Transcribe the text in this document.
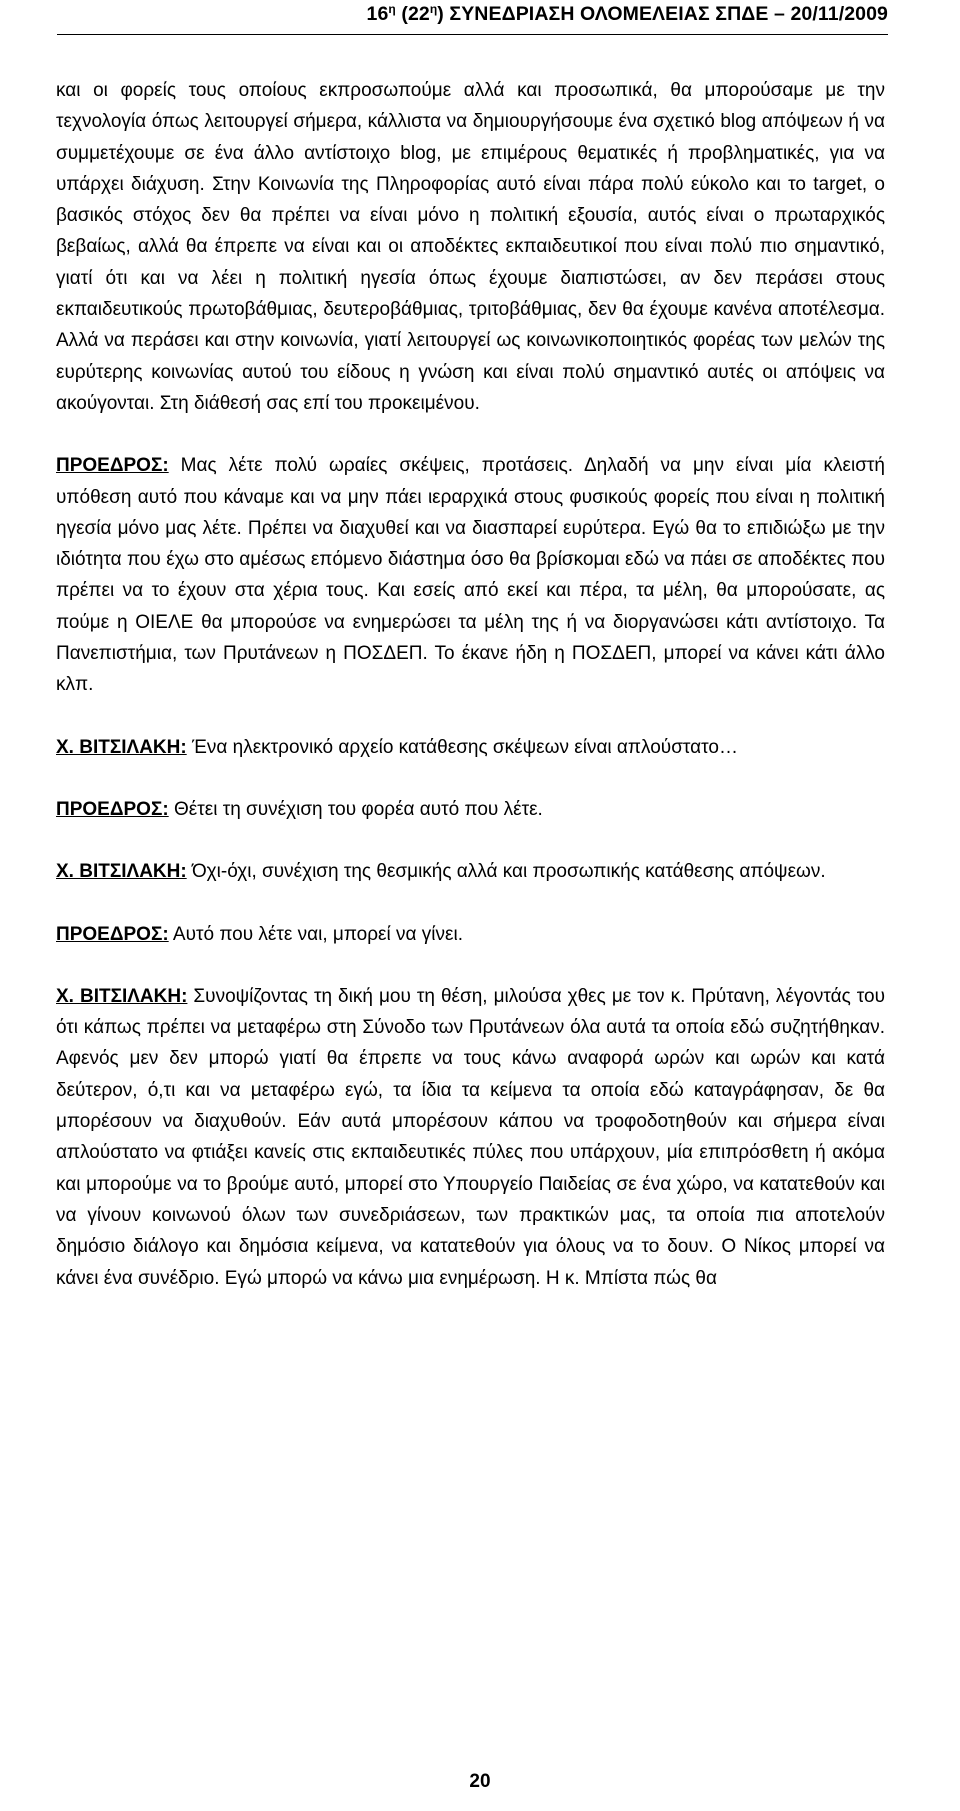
$16^\eta$ $(22^\eta)$ ΣΥΝΕΔΡΙΑΣΗ ΟΛΟΜΕΛΕΙΑΣ ΣΠΔΕ – 20/11/2009

και οι φορείς τους οποίους εκπροσωπούμε αλλά και προσωπικά, θα μπορούσαμε με την τεχνολογία όπως λειτουργεί σήμερα, κάλλιστα να δημιουργήσουμε ένα σχετικό blog απόψεων ή να συμμετέχουμε σε ένα άλλο αντίστοιχο blog, με επιμέρους θεματικές ή προβληματικές, για να υπάρχει διάχυση. Στην Κοινωνία της Πληροφορίας αυτό είναι πάρα πολύ εύκολο και το target, ο βασικός στόχος δεν θα πρέπει να είναι μόνο η πολιτική εξουσία, αυτός είναι ο πρωταρχικός βεβαίως, αλλά θα έπρεπε να είναι και οι αποδέκτες εκπαιδευτικοί που είναι πολύ πιο σημαντικό, γιατί ότι και να λέει η πολιτική ηγεσία όπως έχουμε διαπιστώσει, αν δεν περάσει στους εκπαιδευτικούς πρωτοβάθμιας, δευτεροβάθμιας, τριτοβάθμιας, δεν θα έχουμε κανένα αποτέλεσμα. Αλλά να περάσει και στην κοινωνία, γιατί λειτουργεί ως κοινωνικοποιητικός φορέας των μελών της ευρύτερης κοινωνίας αυτού του είδους η γνώση και είναι πολύ σημαντικό αυτές οι απόψεις να ακούγονται. Στη διάθεσή σας επί του προκειμένου.

ΠΡΟΕΔΡΟΣ: Μας λέτε πολύ ωραίες σκέψεις, προτάσεις. Δηλαδή να μην είναι μία κλειστή υπόθεση αυτό που κάναμε και να μην πάει ιεραρχικά στους φυσικούς φορείς που είναι η πολιτική ηγεσία μόνο μας λέτε. Πρέπει να διαχυθεί και να διασπαρεί ευρύτερα. Εγώ θα το επιδιώξω με την ιδιότητα που έχω στο αμέσως επόμενο διάστημα όσο θα βρίσκομαι εδώ να πάει σε αποδέκτες που πρέπει να το έχουν στα χέρια τους. Και εσείς από εκεί και πέρα, τα μέλη, θα μπορούσατε, ας πούμε η ΟΙΕΛΕ θα μπορούσε να ενημερώσει τα μέλη της ή να διοργανώσει κάτι αντίστοιχο. Τα Πανεπιστήμια, των Πρυτάνεων η ΠΟΣΔΕΠ. Το έκανε ήδη η ΠΟΣΔΕΠ, μπορεί να κάνει κάτι άλλο κλπ.

Χ. ΒΙΤΣΙΛΑΚΗ: Ένα ηλεκτρονικό αρχείο κατάθεσης σκέψεων είναι απλούστατο…

ΠΡΟΕΔΡΟΣ: Θέτει τη συνέχιση του φορέα αυτό που λέτε.

Χ. ΒΙΤΣΙΛΑΚΗ: Όχι-όχι, συνέχιση της θεσμικής αλλά και προσωπικής κατάθεσης απόψεων.

ΠΡΟΕΔΡΟΣ: Αυτό που λέτε ναι, μπορεί να γίνει.

Χ. ΒΙΤΣΙΛΑΚΗ: Συνοψίζοντας τη δική μου τη θέση, μιλούσα χθες με τον κ. Πρύτανη, λέγοντάς του ότι κάπως πρέπει να μεταφέρω στη Σύνοδο των Πρυτάνεων όλα αυτά τα οποία εδώ συζητήθηκαν. Αφενός μεν δεν μπορώ γιατί θα έπρεπε να τους κάνω αναφορά ωρών και ωρών και κατά δεύτερον, ό,τι και να μεταφέρω εγώ, τα ίδια τα κείμενα τα οποία εδώ καταγράφησαν, δε θα μπορέσουν να διαχυθούν. Εάν αυτά μπορέσουν κάπου να τροφοδοτηθούν και σήμερα είναι απλούστατο να φτιάξει κανείς στις εκπαιδευτικές πύλες που υπάρχουν, μία επιπρόσθετη ή ακόμα και μπορούμε να το βρούμε αυτό, μπορεί στο Υπουργείο Παιδείας σε ένα χώρο, να κατατεθούν και να γίνουν κοινωνού όλων των συνεδριάσεων, των πρακτικών μας, τα οποία πια αποτελούν δημόσιο διάλογο και δημόσια κείμενα, να κατατεθούν για όλους να το δουν. Ο Νίκος μπορεί να κάνει ένα συνέδριο. Εγώ μπορώ να κάνω μια ενημέρωση. Η κ. Μπίστα πώς θα

20
